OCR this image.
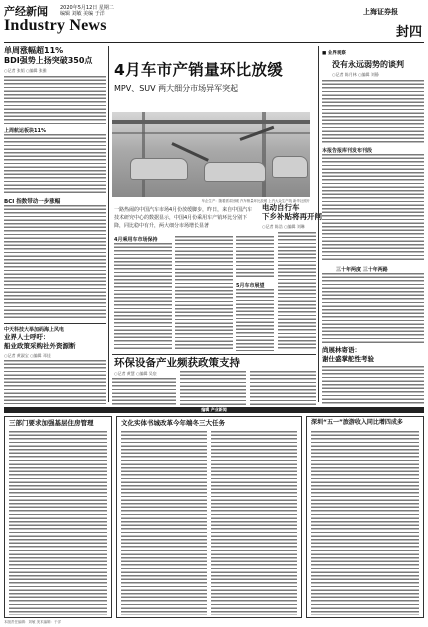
产经新闻 2020年5月12日 星期二
编辑 刘敏 美编 于洋
Industry News
上海证券报
封四
单周涨幅超11%
BDI强势上扬突破350点
○记者 张韬 ○编辑 张雅
上周航运板块11%
BCI 指数带动一步涨幅
中天科技大举加码海上风电
业界人士呼吁：
船业政策采购社外资源断
○记者 黄淑宝 ○编辑 邓佳
4月车市产销量环比放缓
MPV、SUV 两大细分市场异军突起
车企生产：随着需求回暖 汽车销量环比放缓 上汽大众生产线 新华社照片
一路热闹的中国汽车市场4月份放缓脚步，昨日，来自中国汽车技术研究中心的数据显示，中国4月份乘用车产销环比分别下降，同比稳中有升，两大细分市场增长显著
4月乘用车市场保持
5月车市展望
电动自行车
下乡补贴将再开闸
○记者 陈浩 ○编辑 刘琳
■ 业界观察
没有永远弱势的谈判
○记者 陈月林 ○编辑 刘静
本报告报库刊发布刊段
三十年两度 三十年两路
尚展林寄语：
谢仕盛掌舵性考验
环保设备产业频获政策支持
○记者 黄慧 ○编辑 吴宸
编辑 产业新闻
三部门要求加强基层住房管理	文化实体书城改革今年端冬三大任务	深圳“五一”旅游收入同比增四成多
本版责任编辑：刘敏 美术编辑：于洋
